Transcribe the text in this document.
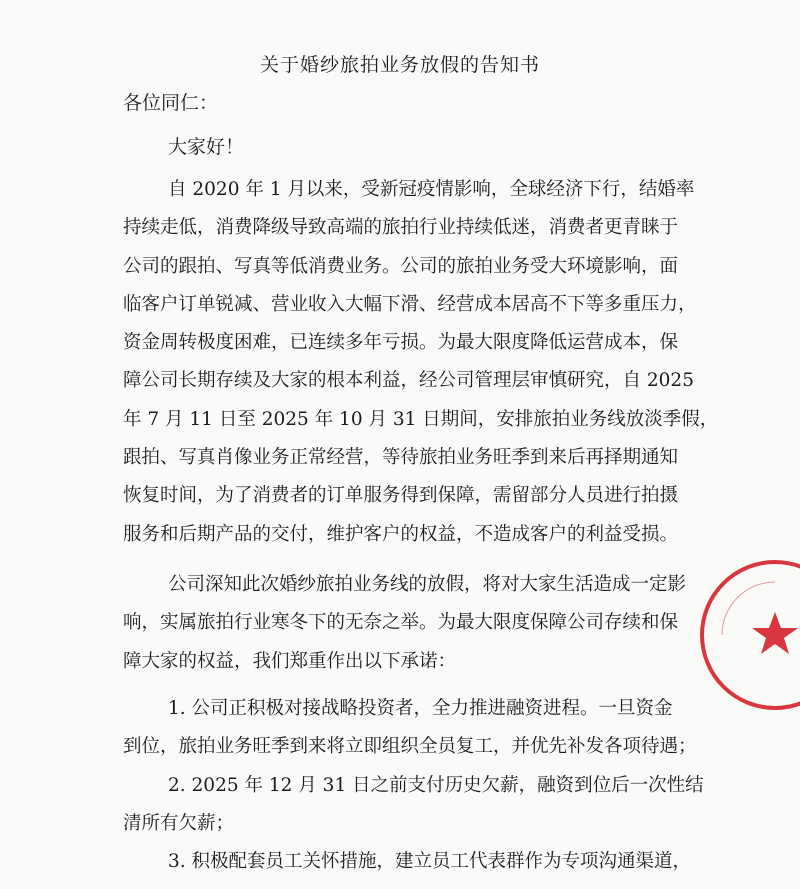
关于婚纱旅拍业务放假的告知书
各位同仁：
大家好！
自 2020 年 1 月以来，受新冠疫情影响，全球经济下行，结婚率
持续走低，消费降级导致高端的旅拍行业持续低迷，消费者更青睐于
公司的跟拍、写真等低消费业务。公司的旅拍业务受大环境影响，面
临客户订单锐减、营业收入大幅下滑、经营成本居高不下等多重压力，
资金周转极度困难，已连续多年亏损。为最大限度降低运营成本，保
障公司长期存续及大家的根本利益，经公司管理层审慎研究，自 2025
年 7 月 11 日至 2025 年 10 月 31 日期间，安排旅拍业务线放淡季假，
跟拍、写真肖像业务正常经营，等待旅拍业务旺季到来后再择期通知
恢复时间，为了消费者的订单服务得到保障，需留部分人员进行拍摄
服务和后期产品的交付，维护客户的权益，不造成客户的利益受损。
公司深知此次婚纱旅拍业务线的放假，将对大家生活造成一定影
响，实属旅拍行业寒冬下的无奈之举。为最大限度保障公司存续和保
障大家的权益，我们郑重作出以下承诺：
1. 公司正积极对接战略投资者，全力推进融资进程。一旦资金
到位，旅拍业务旺季到来将立即组织全员复工，并优先补发各项待遇；
2. 2025 年 12 月 31 日之前支付历史欠薪，融资到位后一次性结
清所有欠薪；
3. 积极配套员工关怀措施，建立员工代表群作为专项沟通渠道，
